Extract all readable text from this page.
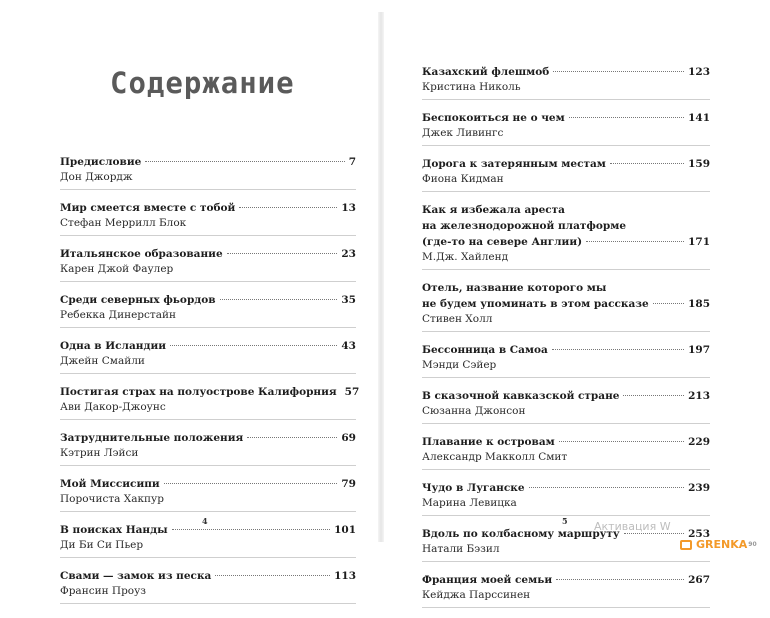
Содержание
Предисловие	7
Дон Джордж
Мир смеется вместе с тобой	13
Стефан Меррилл Блок
Итальянское образование	23
Карен Джой Фаулер
Среди северных фьордов	35
Ребекка Динерстайн
Одна в Исландии	43
Джейн Смайли
Постигая страх на полуострове Калифорния 57
Ави Дакор-Джоунс
Затруднительные положения	69
Кэтрин Лэйси
Мой Миссисипи	79
Порочиста Хакпур
В поисках Нанды	101
Ди Би Си Пьер
Свами — замок из песка	113
Франсин Проуз
4
Казахский флешмоб	123
Кристина Николь
Беспокоиться не о чем	141
Джек Ливингс
Дорога к затерянным местам	159
Фиона Кидман
Как я избежала ареста
на железнодорожной платформе
(где-то на севере Англии)	171
М.Дж. Хайленд
Отель, название которого мы
не будем упоминать в этом рассказе	185
Стивен Холл
Бессонница в Самоа	197
Мэнди Сэйер
В сказочной кавказской стране	213
Сюзанна Джонсон
Плавание к островам	229
Александр Макколл Смит
Чудо в Луганске	239
Марина Левицка
Вдоль по колбасному маршруту	253
Натали Бэзил
Франция моей семьи	267
Кейджа Парссинен
5 Активация W
GRENKA 90
